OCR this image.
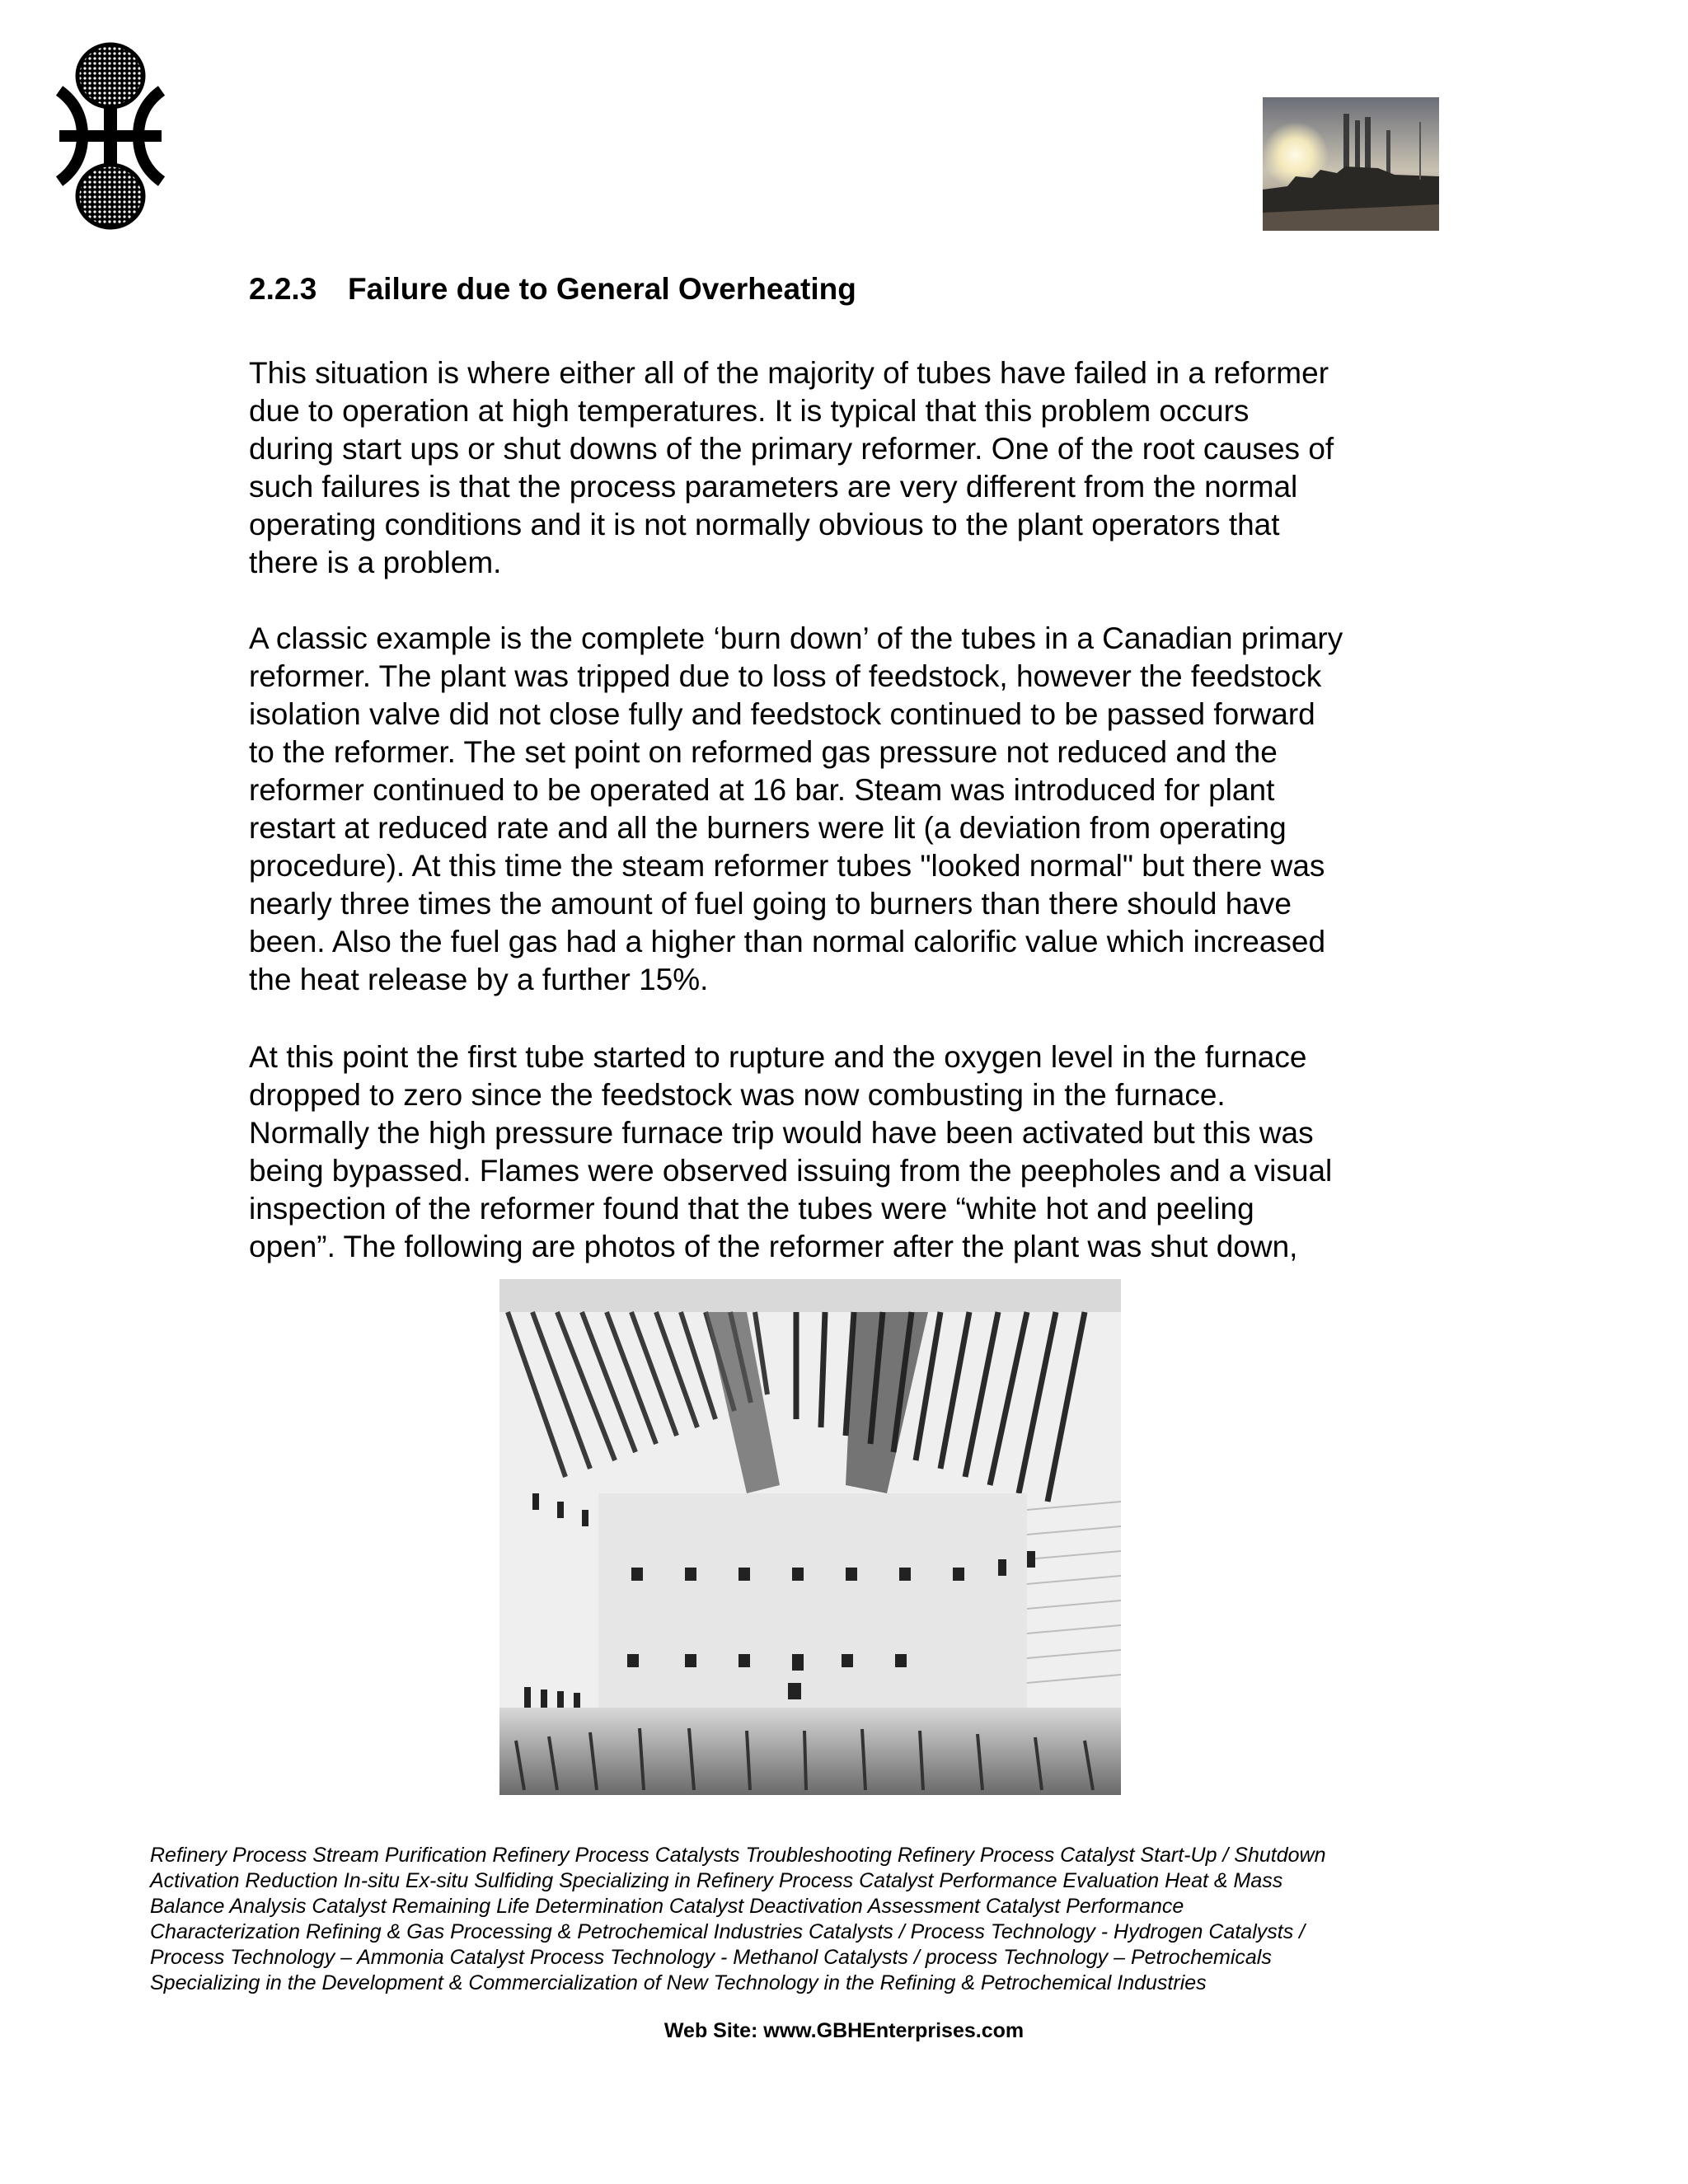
2.2.3 Failure due to General Overheating

This situation is where either all of the majority of tubes have failed in a reformer
due to operation at high temperatures. It is typical that this problem occurs
during start ups or shut downs of the primary reformer. One of the root causes of
such failures is that the process parameters are very different from the normal
operating conditions and it is not normally obvious to the plant operators that
there is a problem.

A classic example is the complete ‘burn down’ of the tubes in a Canadian primary
reformer. The plant was tripped due to loss of feedstock, however the feedstock
isolation valve did not close fully and feedstock continued to be passed forward
to the reformer. The set point on reformed gas pressure not reduced and the
reformer continued to be operated at 16 bar. Steam was introduced for plant
restart at reduced rate and all the burners were lit (a deviation from operating
procedure). At this time the steam reformer tubes "looked normal" but there was
nearly three times the amount of fuel going to burners than there should have
been. Also the fuel gas had a higher than normal calorific value which increased
the heat release by a further 15%.

At this point the first tube started to rupture and the oxygen level in the furnace
dropped to zero since the feedstock was now combusting in the furnace.
Normally the high pressure furnace trip would have been activated but this was
being bypassed. Flames were observed issuing from the peepholes and a visual
inspection of the reformer found that the tubes were “white hot and peeling
open”. The following are photos of the reformer after the plant was shut down,

Refinery Process Stream Purification Refinery Process Catalysts Troubleshooting Refinery Process Catalyst Start-Up / Shutdown
Activation Reduction In-situ Ex-situ Sulfiding Specializing in Refinery Process Catalyst Performance Evaluation Heat & Mass
Balance Analysis Catalyst Remaining Life Determination Catalyst Deactivation Assessment Catalyst Performance
Characterization Refining & Gas Processing & Petrochemical Industries Catalysts / Process Technology - Hydrogen Catalysts /
Process Technology – Ammonia Catalyst Process Technology - Methanol Catalysts / process Technology – Petrochemicals
Specializing in the Development & Commercialization of New Technology in the Refining & Petrochemical Industries

Web Site: www.GBHEnterprises.com
